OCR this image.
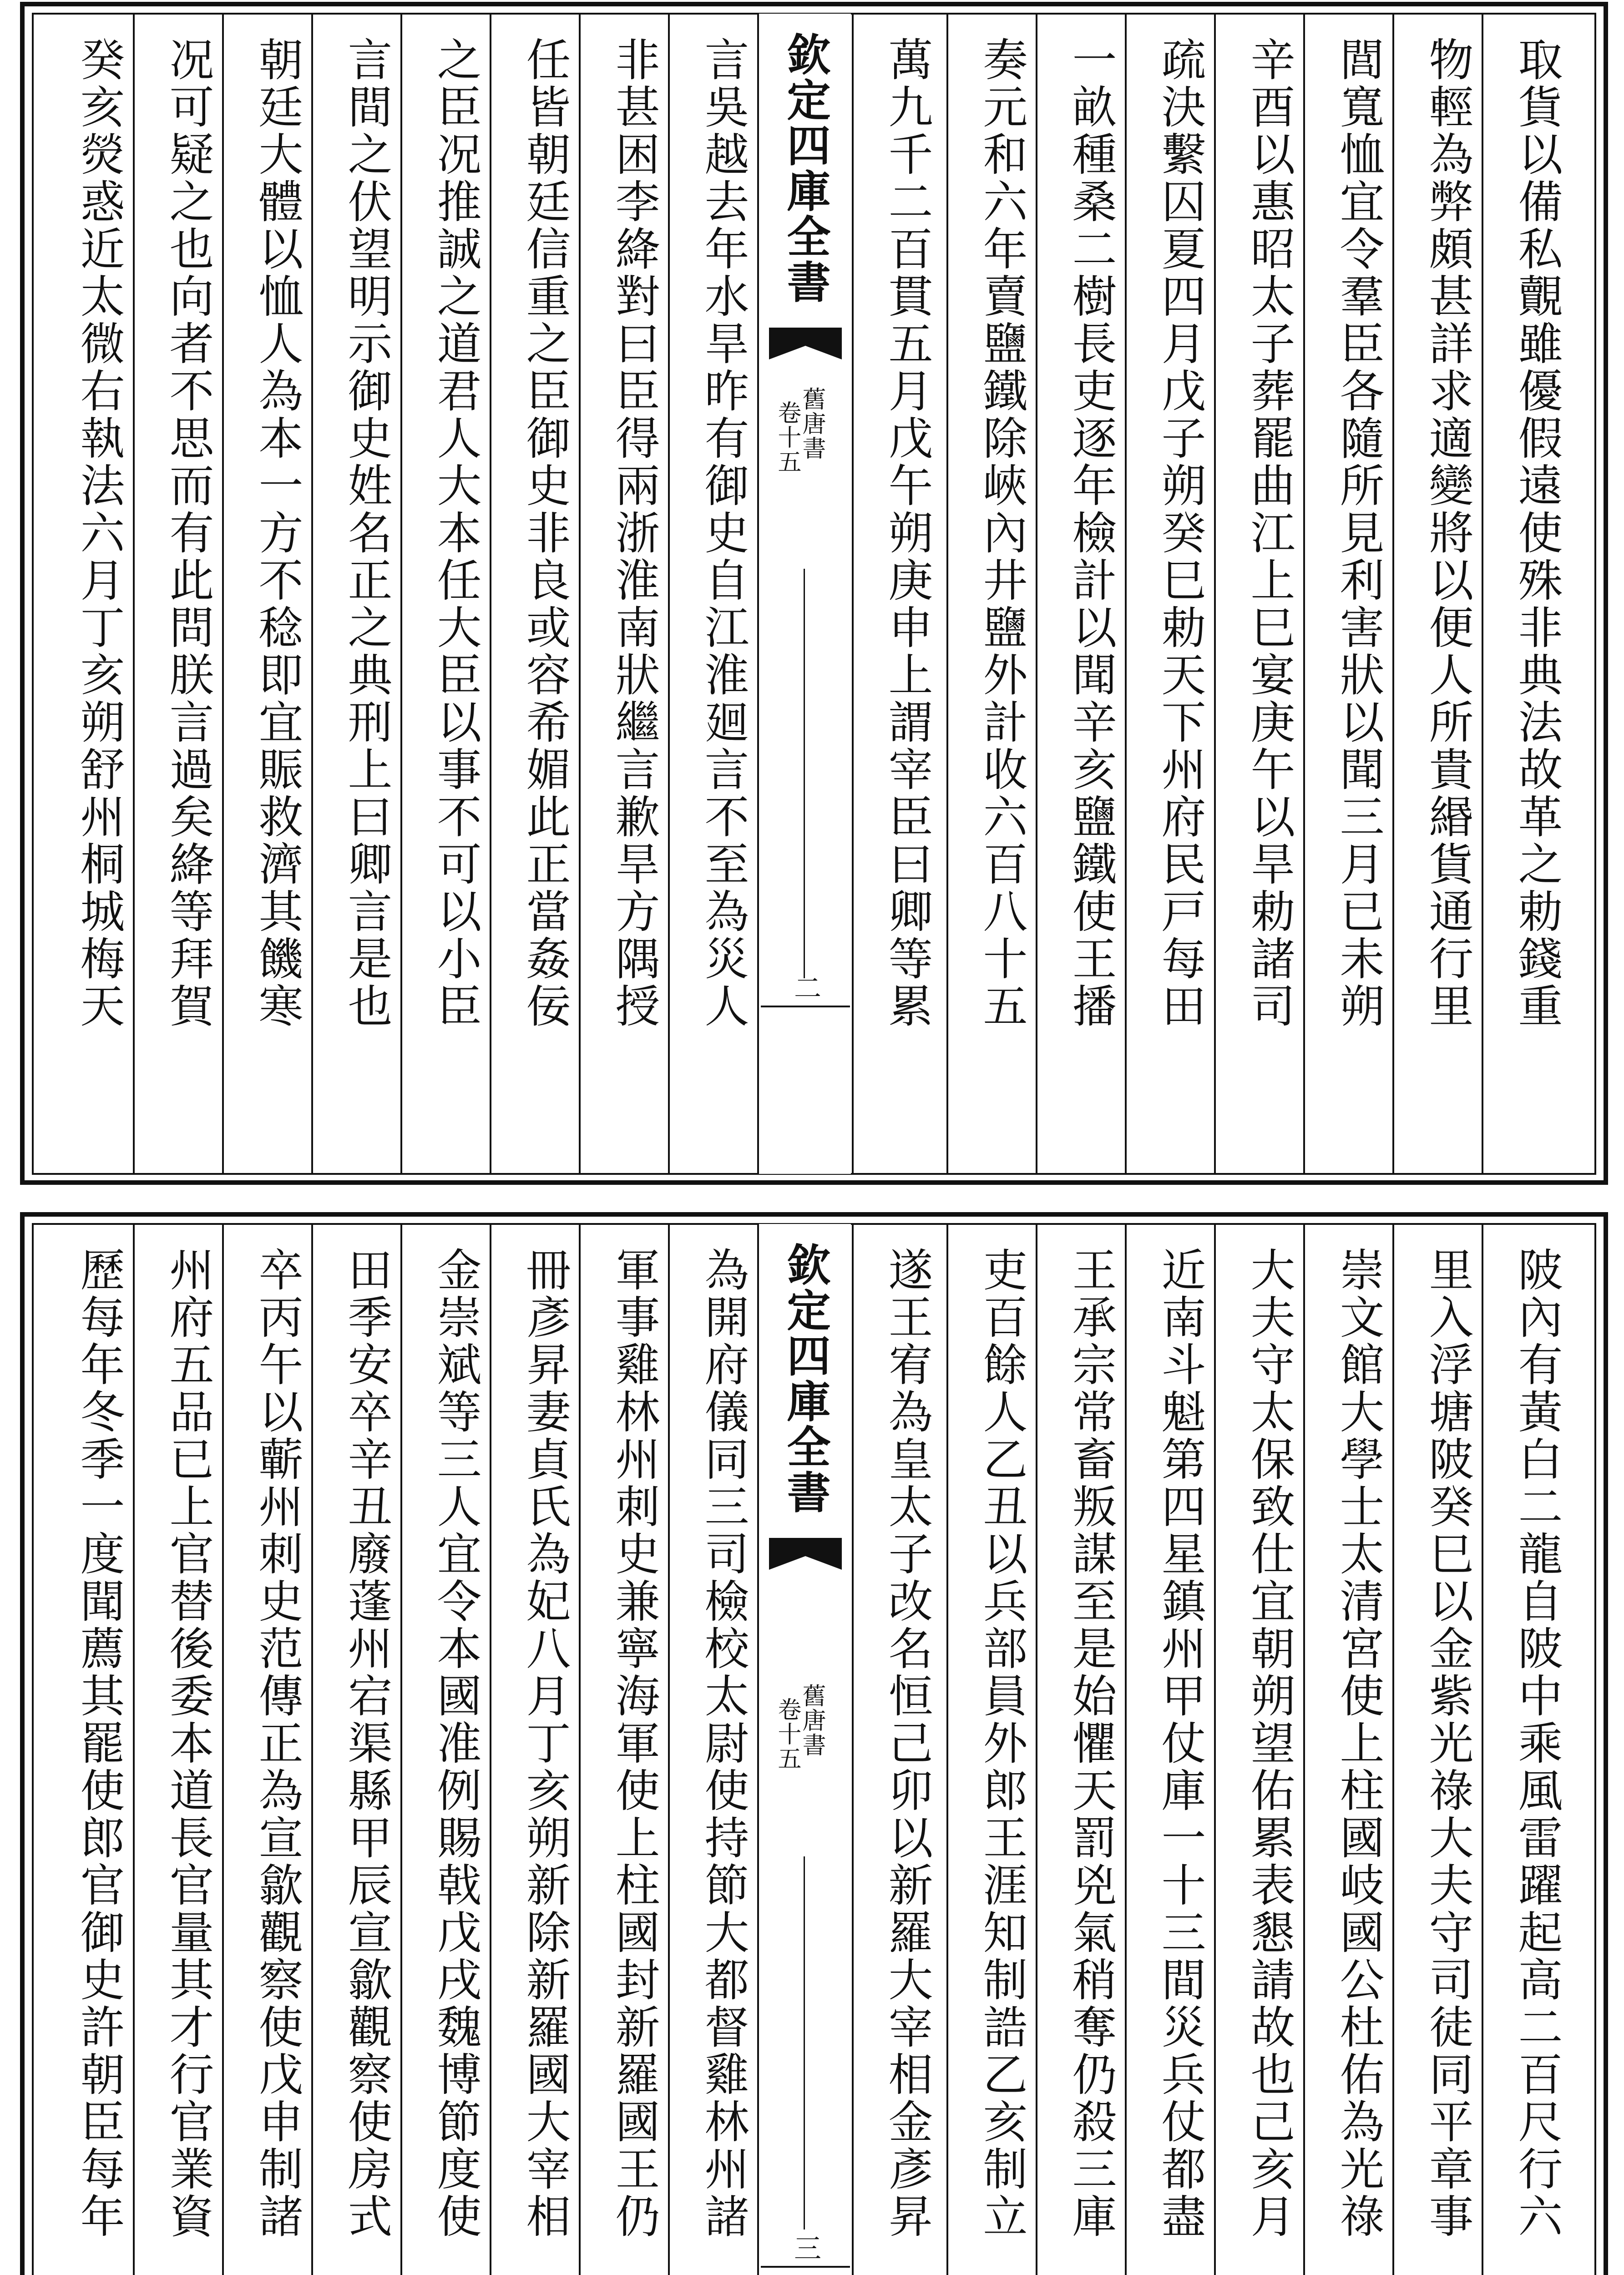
取貨以備私覿雖優假遠使殊非典法故革之勅錢重
物輕為弊頗甚詳求適變將以便人所貴緡貨通行里
閭寬恤宜令羣臣各隨所見利害狀以聞三月已未朔
辛酉以惠昭太子葬罷曲江上巳宴庚午以旱勅諸司
疏決繫囚夏四月戊子朔癸巳勅天下州府民戸每田
一畝種桑二樹長吏逐年檢計以聞辛亥鹽鐵使王播
奏元和六年賣鹽鐵除峽內井鹽外計收六百八十五
萬九千二百貫五月戊午朔庚申上謂宰臣曰卿等累
欽定四庫全書
舊唐書
卷十五
二
言吳越去年水旱昨有御史自江淮廻言不至為災人
非甚困李絳對曰臣得兩浙淮南狀繼言歉旱方隅授
任皆朝廷信重之臣御史非良或容希媚此正當姦佞
之臣况推誠之道君人大本任大臣以事不可以小臣
言間之伏望明示御史姓名正之典刑上曰卿言是也
朝廷大體以恤人為本一方不稔即宜賑救濟其饑寒
况可疑之也向者不思而有此問朕言過矣絳等拜賀
癸亥熒惑近太微右執法六月丁亥朔舒州桐城梅天
陂內有黃白二龍自陂中乘風雷躍起高二百尺行六
里入浮塘陂癸巳以金紫光祿大夫守司徒同平章事
崇文館大學士太清宮使上柱國岐國公杜佑為光祿
大夫守太保致仕宜朝朔望佑累表懇請故也己亥月
近南斗魁第四星鎮州甲仗庫一十三間災兵仗都盡
王承宗常畜叛謀至是始懼天罰兇氣稍奪仍殺三庫
吏百餘人乙丑以兵部員外郎王涯知制誥乙亥制立
遂王宥為皇太子改名恒己卯以新羅大宰相金彥昇
欽定四庫全書
舊唐書
卷十五
三
為開府儀同三司檢校太尉使持節大都督雞林州諸
軍事雞林州刺史兼寧海軍使上柱國封新羅國王仍
冊彥昇妻貞氏為妃八月丁亥朔新除新羅國大宰相
金崇斌等三人宜令本國准例賜戟戊戌魏博節度使
田季安卒辛丑廢蓬州宕渠縣甲辰宣歙觀察使房式
卒丙午以蘄州刺史范傳正為宣歙觀察使戊申制諸
州府五品已上官替後委本道長官量其才行官業資
歷每年冬季一度聞薦其罷使郎官御史許朝臣每年
